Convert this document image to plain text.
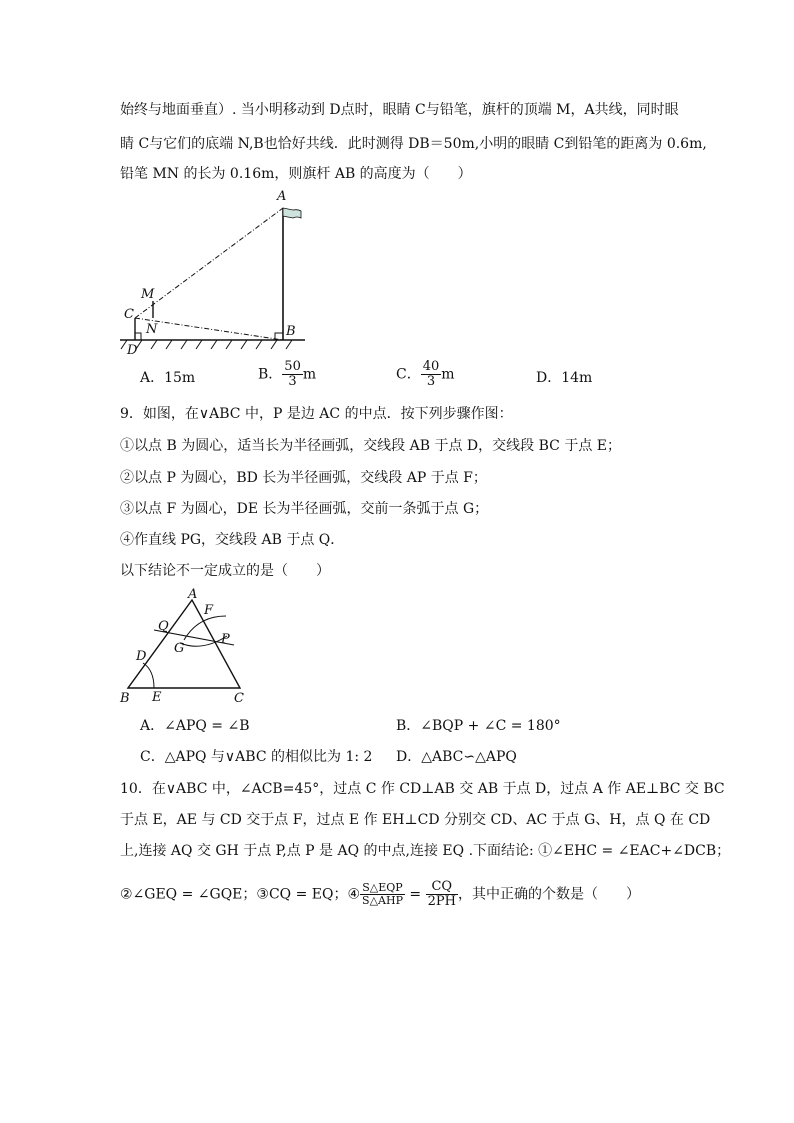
始终与地面垂直）. 当小明移动到 D点时，眼睛 C与铅笔，旗杆的顶端 M，A共线，同时眼
睛 C与它们的底端 N,B也恰好共线．此时测得 DB＝50m,小明的眼睛 C到铅笔的距离为 0.6m,
铅笔 MN 的长为 0.16m，则旗杆 AB 的高度为（　　）
A
M
C
N	B
D
A．15m	B． $\frac{50}{3}$ m	C． $\frac{40}{3}$ m	D．14m
9．如图，在∨ABC 中，P 是边 AC 的中点．按下列步骤作图：
①以点 B 为圆心，适当长为半径画弧，交线段 AB 于点 D，交线段 BC 于点 E；
②以点 P 为圆心，BD 长为半径画弧，交线段 AP 于点 F；
③以点 F 为圆心，DE 长为半径画弧，交前一条弧于点 G；
④作直线 PG，交线段 AB 于点 Q．
以下结论不一定成立的是（　　）
A
F
Q
G
P
D
B E	C
A．∠APQ = ∠B	B．∠BQP + ∠C = 180°
C．△APQ 与∨ABC 的相似比为 1: 2 D．△ABC∽△APQ
10．在∨ABC 中，∠ACB=45°，过点 C 作 CD⊥AB 交 AB 于点 D，过点 A 作 AE⊥BC 交 BC
于点 E，AE 与 CD 交于点 F，过点 E 作 EH⊥CD 分别交 CD、AC 于点 G、H，点 Q 在 CD
上,连接 AQ 交 GH 于点 P,点 P 是 AQ 的中点,连接 EQ .下面结论: ①∠EHC = ∠EAC+∠DCB；
②∠GEQ = ∠GQE；③CQ = EQ；④ $\frac{\text{S△EQP}}{\text{S△AHP}} = \frac{CQ}{2PH}$ ，其中正确的个数是（　　）
